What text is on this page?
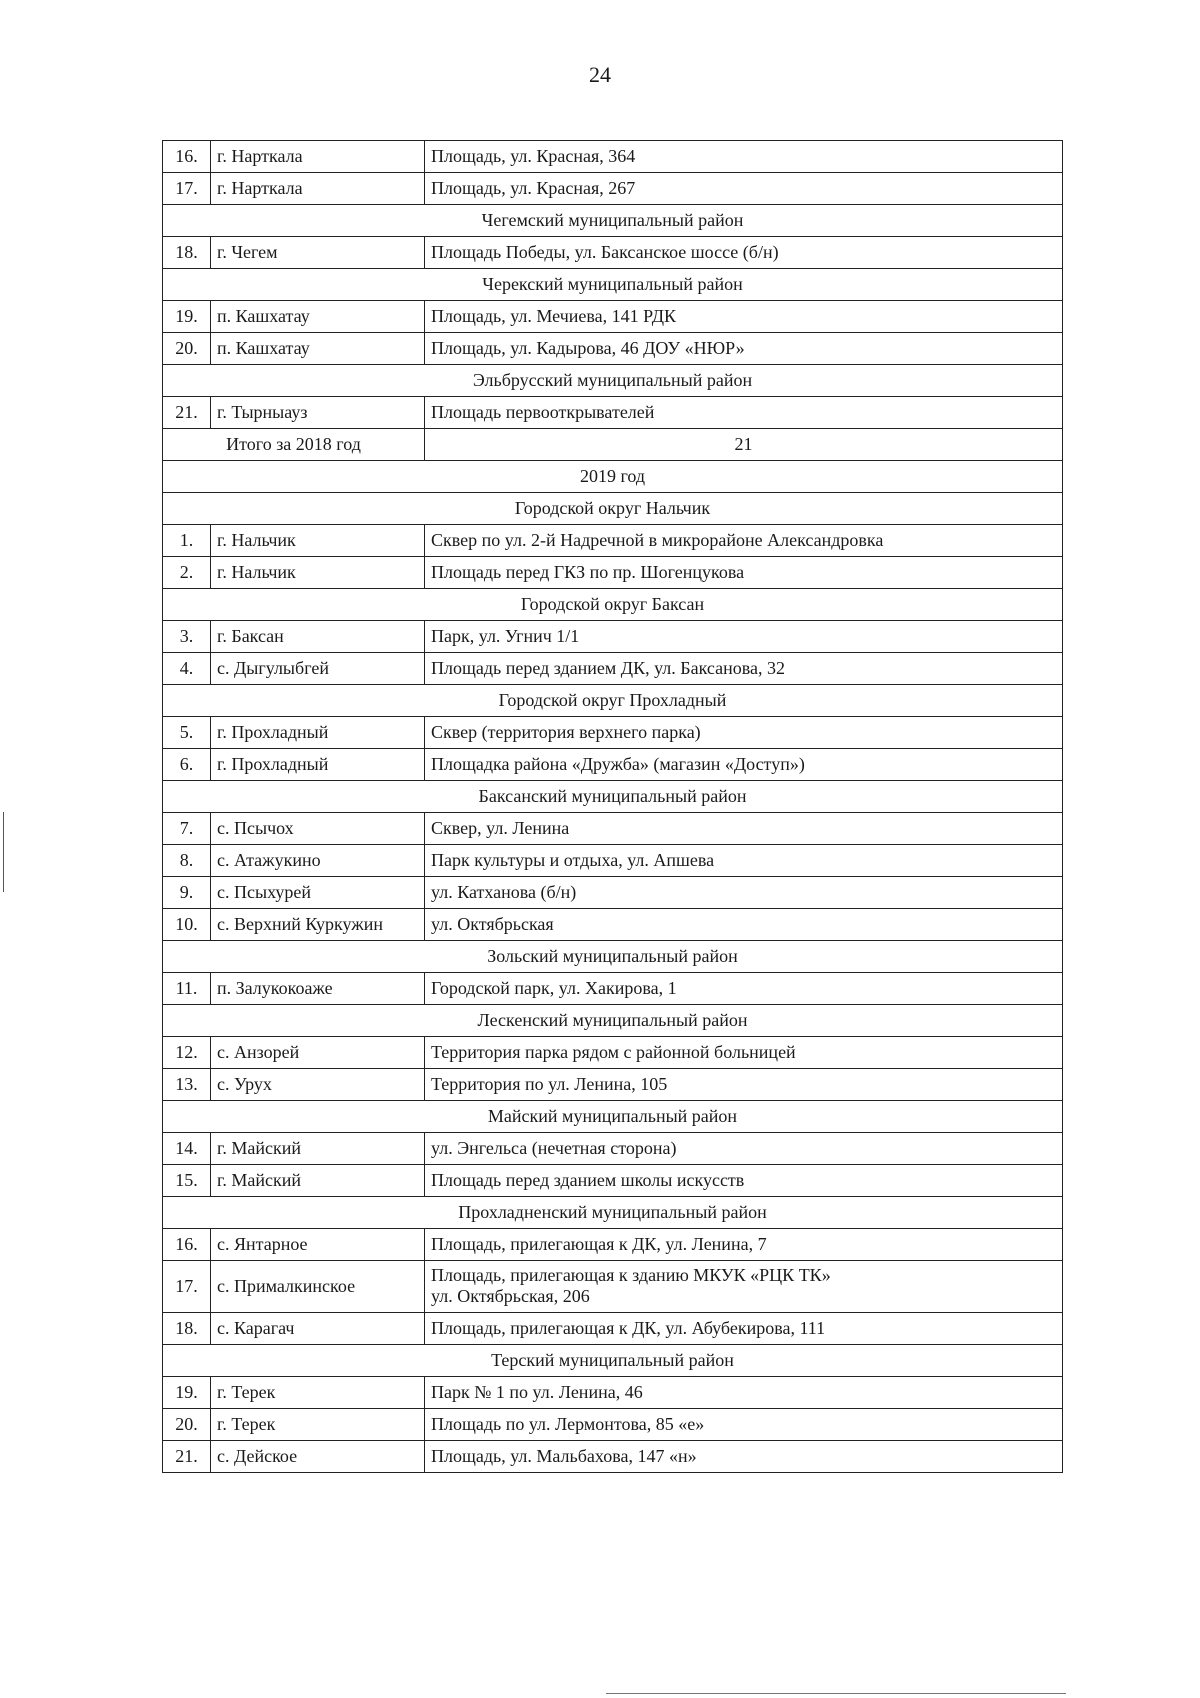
24
16.	г. Нарткала	Площадь, ул. Красная, 364
17.	г. Нарткала	Площадь, ул. Красная, 267
Чегемский муниципальный район		
18.	г. Чегем	Площадь Победы, ул. Баксанское шоссе (б/н)
Черекский муниципальный район		
19.	п. Кашхатау	Площадь, ул. Мечиева, 141 РДК
20.	п. Кашхатау	Площадь, ул. Кадырова, 46 ДОУ «НЮР»
Эльбрусский муниципальный район		
21.	г. Тырныауз	Площадь первооткрывателей
Итого за 2018 год		21
2019 год		
Городской округ Нальчик		
1.	г. Нальчик	Сквер по ул. 2-й Надречной в микрорайоне Александровка
2.	г. Нальчик	Площадь перед ГКЗ по пр. Шогенцукова
Городской округ Баксан		
3.	г. Баксан	Парк, ул. Угнич 1/1
4.	с. Дыгулыбгей	Площадь перед зданием ДК, ул. Баксанова, 32
Городской округ Прохладный		
5.	г. Прохладный	Сквер (территория верхнего парка)
6.	г. Прохладный	Площадка района «Дружба» (магазин «Доступ»)
Баксанский муниципальный район		
7.	с. Псычох	Сквер, ул. Ленина
8.	с. Атажукино	Парк культуры и отдыха, ул. Апшева
9.	с. Псыхурей	ул. Катханова (б/н)
10.	с. Верхний Куркужин	ул. Октябрьская
Зольский муниципальный район		
11.	п. Залукокоаже	Городской парк, ул. Хакирова, 1
Лескенский муниципальный район		
12.	с. Анзорей	Территория парка рядом с районной больницей
13.	с. Урух	Территория по ул. Ленина, 105
Майский муниципальный район		
14.	г. Майский	ул. Энгельса (нечетная сторона)
15.	г. Майский	Площадь перед зданием школы искусств
Прохладненский муниципальный район		
16.	с. Янтарное	Площадь, прилегающая к ДК, ул. Ленина, 7
17.	с. Прималкинское	Площадь, прилегающая к зданию МКУК «РЦК ТК»
ул. Октябрьская, 206

18.	с. Карагач	Площадь, прилегающая к ДК, ул. Абубекирова, 111
Терский муниципальный район		
19.	г. Терек	Парк № 1 по ул. Ленина, 46
20.	г. Терек	Площадь по ул. Лермонтова, 85 «е»
21.	с. Дейское	Площадь, ул. Мальбахова, 147 «н»
